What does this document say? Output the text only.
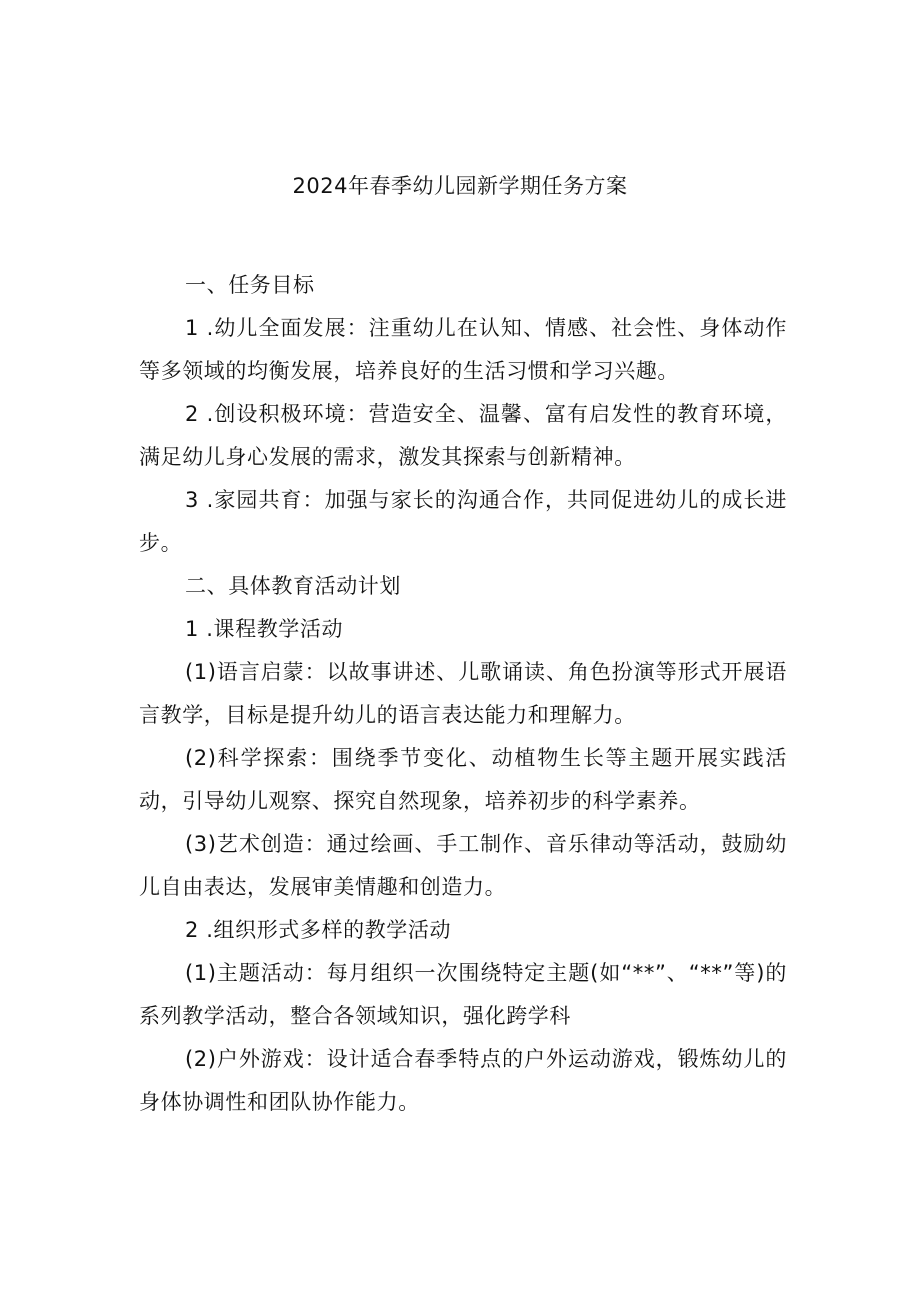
2024年春季幼儿园新学期任务方案

一、任务目标

1 .幼儿全面发展：注重幼儿在认知、情感、社会性、身体动作等多领域的均衡发展，培养良好的生活习惯和学习兴趣。

2 .创设积极环境：营造安全、温馨、富有启发性的教育环境，满足幼儿身心发展的需求，激发其探索与创新精神。

3 .家园共育：加强与家长的沟通合作，共同促进幼儿的成长进步。

二、具体教育活动计划

1 .课程教学活动

(1)语言启蒙：以故事讲述、儿歌诵读、角色扮演等形式开展语言教学，目标是提升幼儿的语言表达能力和理解力。

(2)科学探索：围绕季节变化、动植物生长等主题开展实践活动，引导幼儿观察、探究自然现象，培养初步的科学素养。

(3)艺术创造：通过绘画、手工制作、音乐律动等活动，鼓励幼儿自由表达，发展审美情趣和创造力。

2 .组织形式多样的教学活动

(1)主题活动：每月组织一次围绕特定主题(如“**”、“**”等)的系列教学活动，整合各领域知识，强化跨学科

(2)户外游戏：设计适合春季特点的户外运动游戏，锻炼幼儿的身体协调性和团队协作能力。
